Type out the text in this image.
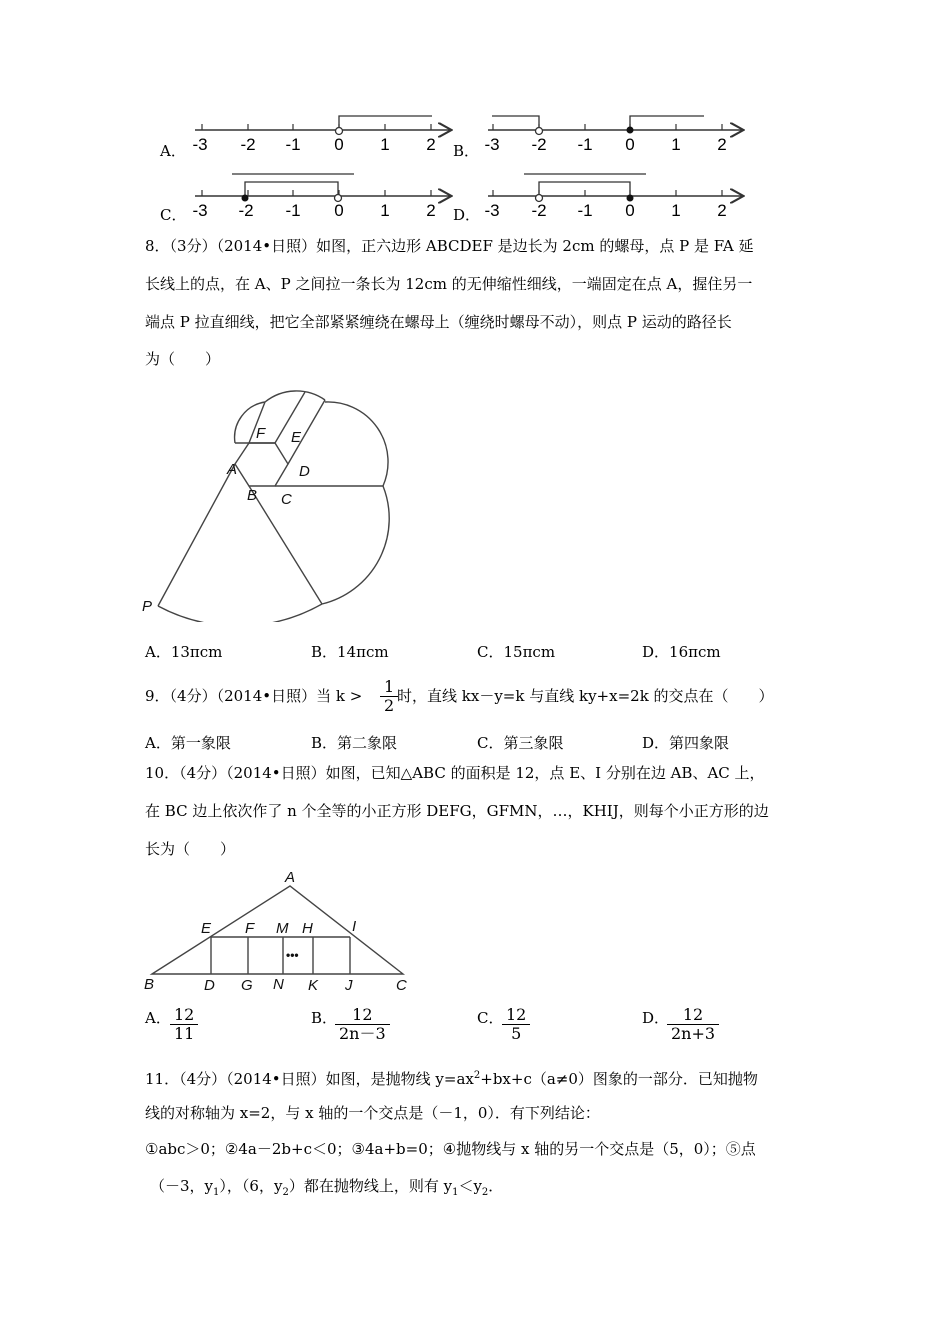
A．	B．
C．	D．
-3 -2 -1 0 1 2	-3 -2 -1 0 1 2
-3 -2 -1 0 1 2	-3 -2 -1 0 1 2
8．（3分）（2014•日照）如图，正六边形 ABCDEF 是边长为 2cm 的螺母，点 P 是 FA 延
长线上的点，在 A、P 之间拉一条长为 12cm 的无伸缩性细线，一端固定在点 A，握住另一
端点 P 拉直细线，把它全部紧紧缠绕在螺母上（缠绕时螺母不动），则点 P 运动的路径长
为（　　）
F E
A	D
B C
P
A．13πcm	B．14πcm	C．15πcm	D．16πcm
9．（4分）（2014•日照）当 $k > \frac{1}{2}$
时，直线 kx－y=k 与直线 ky+x=2k 的交点在（　　）
A．第一象限	B．第二象限	C．第三象限	D．第四象限
10．（4分）（2014•日照）如图，已知△ABC 的面积是 12，点 E、I 分别在边 AB、AC 上，
在 BC 边上依次作了 n 个全等的小正方形 DEFG，GFMN，…，KHIJ，则每个小正方形的边
长为（　　）
A
E F M H	I
B	D G N K J	C
•••
A． $\frac{12}{11}$	B．
$\frac{12}{2n-3}$	C．
$\frac{12}{5}$	D．
$\frac{12}{2n+3}$
11．（4分）（2014•日照）如图，是抛物线 $y=ax^2+bx+c(a\ne 0)$图象的一部分．已知抛物
线的对称轴为 x=2，与 x 轴的一个交点是（－1，0）．有下列结论：
①abc＞0；②4a－2b+c＜0；③4a+b=0；④抛物线与 x 轴的另一个交点是（5，0）；⑤点
（－3，$y_1$），（6，$y_2$）都在抛物线上，则有 $y_1<y_2$．
